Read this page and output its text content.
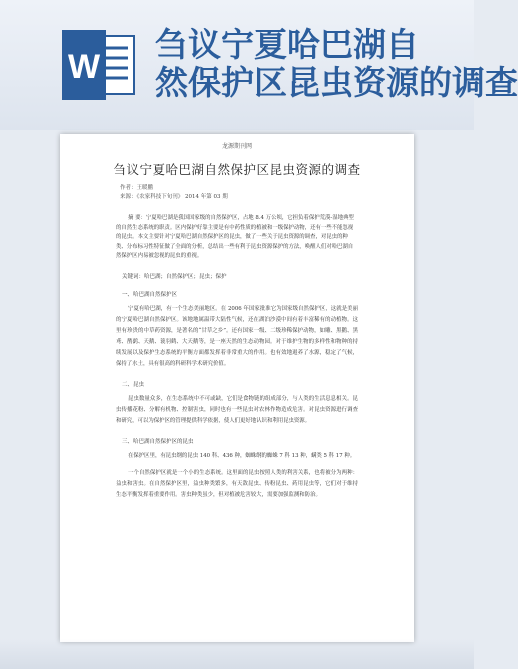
W
刍议宁夏哈巴湖自
然保护区昆虫资源的调查
龙源期刊网
刍议宁夏哈巴湖自然保护区昆虫资源的调查
作者：王暖鹏
来源：《农家科技下旬刊》 2014 年第 03 期
摘 要：宁夏哈巴湖是我国国家级的自然保护区，占地 8.4 万公顷，它担负着保护荒漠-湿地典型的自然生态系统的职责。区内保护好靠主要是有中药性质的植被和一级保护动物，还有一些不能忽视的昆虫。本文主要针对宁夏哈巴湖自然保护区的昆虫，做了一些关于昆虫资源的调查，对昆虫的种类、分布标习性特征做了全面的分析，总结出一些有利于昆虫资源保护的方法，唤醒人们对哈巴湖自然保护区内易被忽视的昆虫的重视。
关键词：哈巴湖；自然保护区；昆虫；保护
一、哈巴湖自然保护区
宁夏有哈巴湖，有一个生态美丽地区。在 2006 年国家批准它为国家级自然保护区，这就是美丽的宁夏哈巴湖自然保护区。该地地属温带大陆性气候，还在湖泊沙漠中间有着丰富稀有的动植物。这里有珍贵的中草药资源，是著名的“甘草之乡”。还有国家一级、二级珍稀保护动物，如雕、黑鹳、黑鸢、鹊鹞、天鹅、蓑羽鹤、大天鹅等，是一座天然的生态动物园。对于维护生物的多样性和物种的持续发展以及保护生态系统的平衡方面都发挥着非常重大的作用。也有效地遏养了水源，稳定了气候，保持了水土，具有很高的科研科学术研究价值。
二、昆虫
昆虫数量众多，在生态系统中不可或缺，它们是食物链的组成部分，与人类的生活息息相关。昆虫传播花粉、分解有机物、控制害虫，同时也有一些昆虫对农林作物造成危害。对昆虫资源进行调查和研究，可以为保护区的管理提供科学依据，使人们更好地认识和利用昆虫资源。
三、哈巴湖自然保护区的昆虫
在保护区里，有昆虫纲的昆虫 140 科、436 种，蜘蛛纲的蜘蛛 7 科 13 种，螨类 5 科 17 种。
一个自然保护区就是一个小的生态系统。这里面的昆虫按照人类的利害关系，也将被分为两种：益虫和害虫。在自然保护区里，益虫种类繁多，有天敌昆虫、传粉昆虫、药用昆虫等，它们对于维持生态平衡发挥着重要作用。害虫种类虽少，但对植被危害较大，需要加强监测和防治。
